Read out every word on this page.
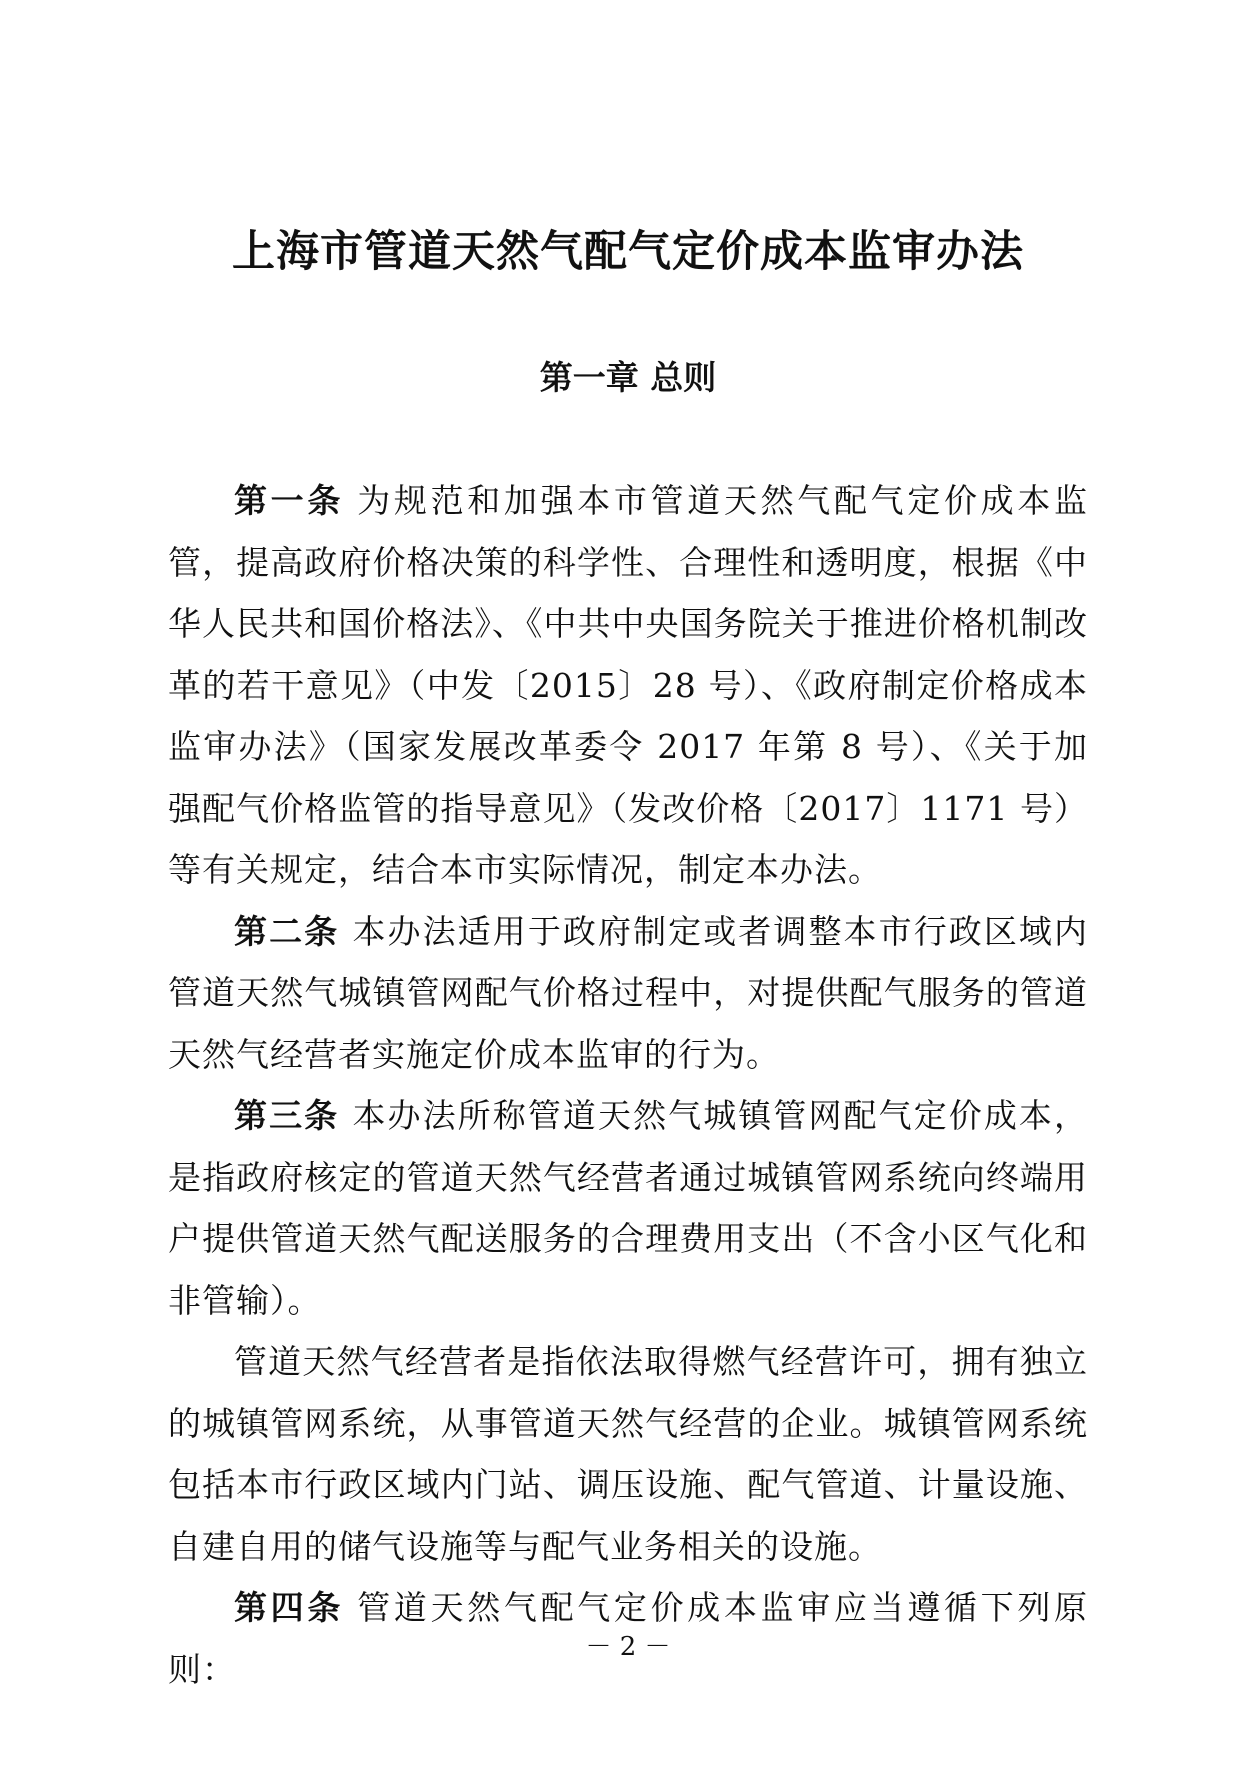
上海市管道天然气配气定价成本监审办法
第一章 总则

第一条 为规范和加强本市管道天然气配气定价成本监管，提高政府价格决策的科学性、合理性和透明度，根据《中华人民共和国价格法》、《中共中央国务院关于推进价格机制改革的若干意见》（中发〔2015〕28 号）、《政府制定价格成本监审办法》（国家发展改革委令 2017 年第 8 号）、《关于加强配气价格监管的指导意见》（发改价格〔2017〕1171 号）等有关规定，结合本市实际情况，制定本办法。

第二条 本办法适用于政府制定或者调整本市行政区域内管道天然气城镇管网配气价格过程中，对提供配气服务的管道天然气经营者实施定价成本监审的行为。

第三条 本办法所称管道天然气城镇管网配气定价成本，是指政府核定的管道天然气经营者通过城镇管网系统向终端用户提供管道天然气配送服务的合理费用支出（不含小区气化和非管输）。

管道天然气经营者是指依法取得燃气经营许可，拥有独立的城镇管网系统，从事管道天然气经营的企业。城镇管网系统包括本市行政区域内门站、调压设施、配气管道、计量设施、自建自用的储气设施等与配气业务相关的设施。

第四条 管道天然气配气定价成本监审应当遵循下列原则：

－ 2 －
